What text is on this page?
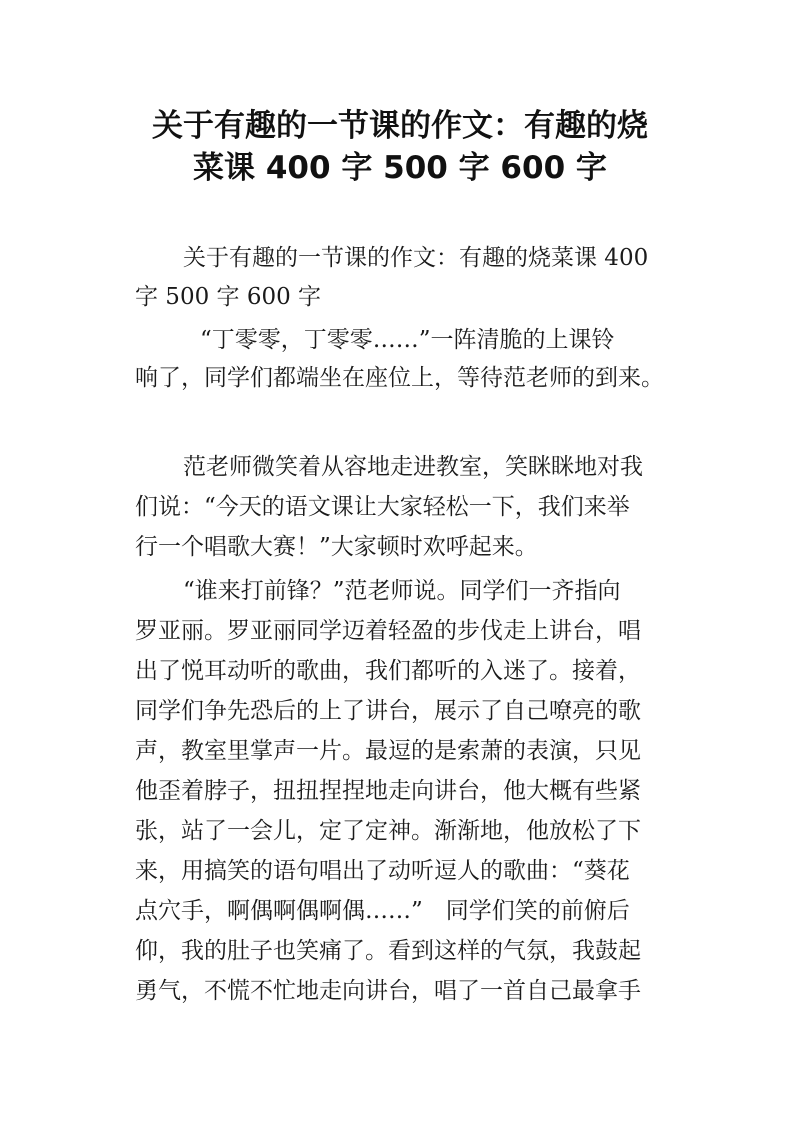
关于有趣的一节课的作文：有趣的烧
菜课 400 字 500 字 600 字
关于有趣的一节课的作文：有趣的烧菜课 400
字 500 字 600 字
“丁零零，丁零零……”一阵清脆的上课铃
响了，同学们都端坐在座位上，等待范老师的到来。
范老师微笑着从容地走进教室，笑眯眯地对我
们说：“今天的语文课让大家轻松一下，我们来举
行一个唱歌大赛！”大家顿时欢呼起来。
“谁来打前锋？”范老师说。同学们一齐指向
罗亚丽。罗亚丽同学迈着轻盈的步伐走上讲台，唱
出了悦耳动听的歌曲，我们都听的入迷了。接着，
同学们争先恐后的上了讲台，展示了自己嘹亮的歌
声，教室里掌声一片。最逗的是索萧的表演，只见
他歪着脖子，扭扭捏捏地走向讲台，他大概有些紧
张，站了一会儿，定了定神。渐渐地，他放松了下
来，用搞笑的语句唱出了动听逗人的歌曲：“葵花
点穴手，啊偶啊偶啊偶……”　同学们笑的前俯后
仰，我的肚子也笑痛了。看到这样的气氛，我鼓起
勇气，不慌不忙地走向讲台，唱了一首自己最拿手
